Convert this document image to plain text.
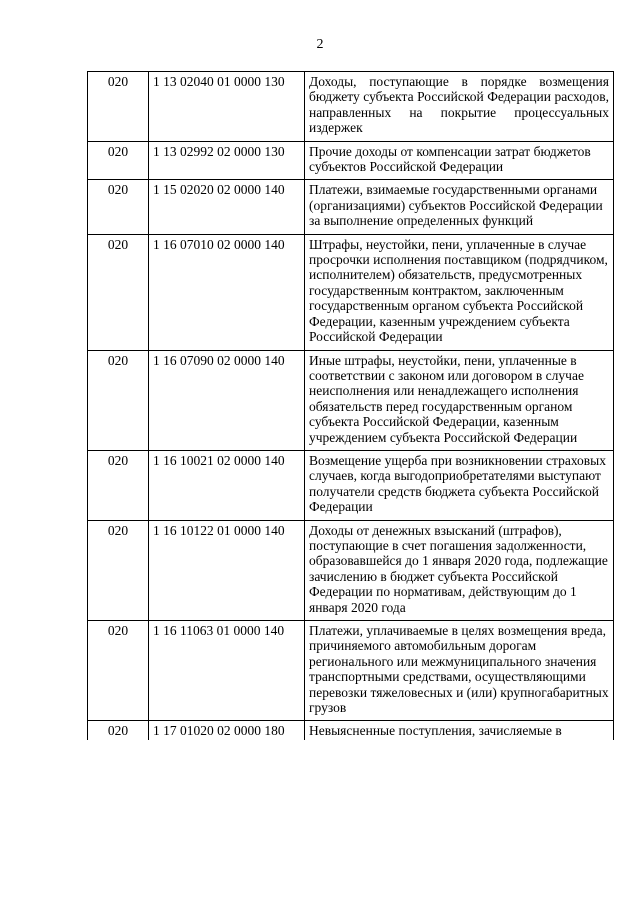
2
020	1 13 02040 01 0000 130	Доходы, поступающие в порядке возмещения бюджету субъекта Российской Федерации расходов, направленных на покрытие процессуальных издержек
020	1 13 02992 02 0000 130	Прочие доходы от компенсации затрат бюджетов субъектов Российской Федерации
020	1 15 02020 02 0000 140	Платежи, взимаемые государственными органами (организациями) субъектов Российской Федерации за выполнение определенных функций
020	1 16 07010 02 0000 140	Штрафы, неустойки, пени, уплаченные в случае просрочки исполнения поставщиком (подрядчиком, исполнителем) обязательств, предусмотренных государственным контрактом, заключенным государственным органом субъекта Российской Федерации, казенным учреждением субъекта Российской Федерации
020	1 16 07090 02 0000 140	Иные штрафы, неустойки, пени, уплаченные в соответствии с законом или договором в случае неисполнения или ненадлежащего исполнения обязательств перед государственным органом субъекта Российской Федерации, казенным учреждением субъекта Российской Федерации
020	1 16 10021 02 0000 140	Возмещение ущерба при возникновении страховых случаев, когда выгодоприобретателями выступают получатели средств бюджета субъекта Российской Федерации
020	1 16 10122 01 0000 140	Доходы от денежных взысканий (штрафов), поступающие в счет погашения задолженности, образовавшейся до 1 января 2020 года, подлежащие зачислению в бюджет субъекта Российской Федерации по нормативам, действующим до 1 января 2020 года
020	1 16 11063 01 0000 140	Платежи, уплачиваемые в целях возмещения вреда, причиняемого автомобильным дорогам регионального или межмуниципального значения транспортными средствами, осуществляющими перевозки тяжеловесных и (или) крупногабаритных грузов
020	1 17 01020 02 0000 180	Невыясненные поступления, зачисляемые в
